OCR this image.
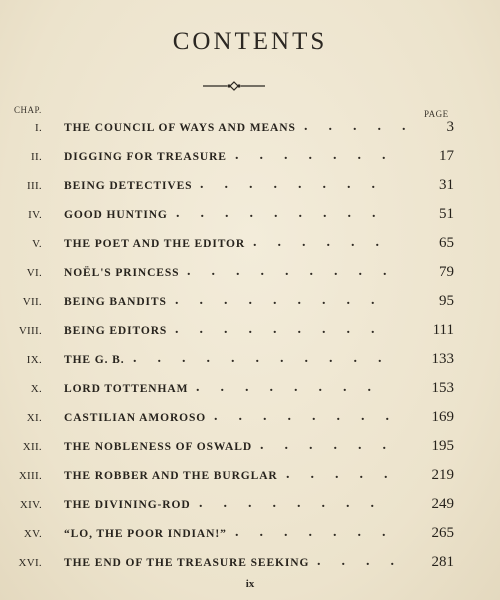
CONTENTS
CHAP.	PAGE
I. THE COUNCIL OF WAYS AND MEANS .  .  .  .  .	3
II. DIGGING FOR TREASURE .  .  .  .  .  .  .	17
III. BEING DETECTIVES .  .  .  .  .  .  .  .	31
IV. GOOD HUNTING .  .  .  .  .  .  .  .  .	51
V. THE POET AND THE EDITOR .  .  .  .  .  .	65
VI. NOËL'S PRINCESS .  .  .  .  .  .  .  .  .	79
VII. BEING BANDITS .  .  .  .  .  .  .  .  .	95
VIII. BEING EDITORS .  .  .  .  .  .  .  .  .	111
IX. THE G. B. .  .  .  .  .  .  .  .  .  .  .	133
X. LORD TOTTENHAM .  .  .  .  .  .  .  .	153
XI. CASTILIAN AMOROSO .  .  .  .  .  .  .  .	169
XII. THE NOBLENESS OF OSWALD .  .  .  .  .  .	195
XIII. THE ROBBER AND THE BURGLAR .  .  .  .  .	219
XIV. THE DIVINING-ROD .  .  .  .  .  .  .  .	249
XV. “LO, THE POOR INDIAN!” .  .  .  .  .  .  .	265
XVI. THE END OF THE TREASURE SEEKING .  .  .  .	281
ix
